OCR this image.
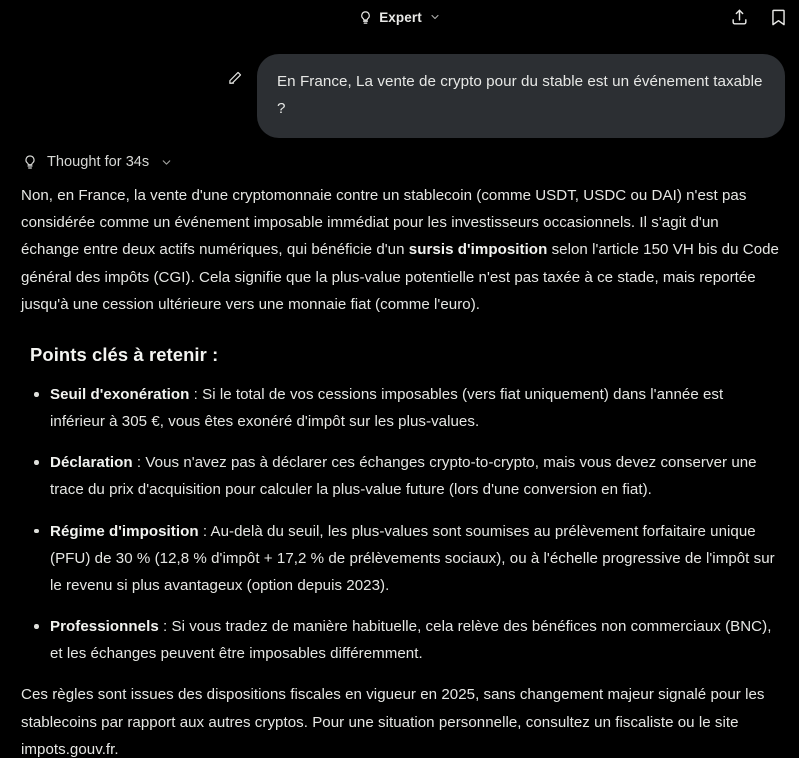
Expert
En France, La vente de crypto pour du stable est un événement taxable ?
Thought for 34s

Non, en France, la vente d'une cryptomonnaie contre un stablecoin (comme USDT, USDC ou DAI) n'est pas considérée comme un événement imposable immédiat pour les investisseurs occasionnels. Il s'agit d'un échange entre deux actifs numériques, qui bénéficie d'un sursis d'imposition selon l'article 150 VH bis du Code général des impôts (CGI). Cela signifie que la plus-value potentielle n'est pas taxée à ce stade, mais reportée jusqu'à une cession ultérieure vers une monnaie fiat (comme l'euro).

Points clés à retenir :
Seuil d'exonération : Si le total de vos cessions imposables (vers fiat uniquement) dans l'année est inférieur à 305 €, vous êtes exonéré d'impôt sur les plus-values.
Déclaration : Vous n'avez pas à déclarer ces échanges crypto-to-crypto, mais vous devez conserver une trace du prix d'acquisition pour calculer la plus-value future (lors d'une conversion en fiat).
Régime d'imposition : Au-delà du seuil, les plus-values sont soumises au prélèvement forfaitaire unique (PFU) de 30 % (12,8 % d'impôt + 17,2 % de prélèvements sociaux), ou à l'échelle progressive de l'impôt sur le revenu si plus avantageux (option depuis 2023).
Professionnels : Si vous tradez de manière habituelle, cela relève des bénéfices non commerciaux (BNC), et les échanges peuvent être imposables différemment.

Ces règles sont issues des dispositions fiscales en vigueur en 2025, sans changement majeur signalé pour les stablecoins par rapport aux autres cryptos. Pour une situation personnelle, consultez un fiscaliste ou le site impots.gouv.fr.
